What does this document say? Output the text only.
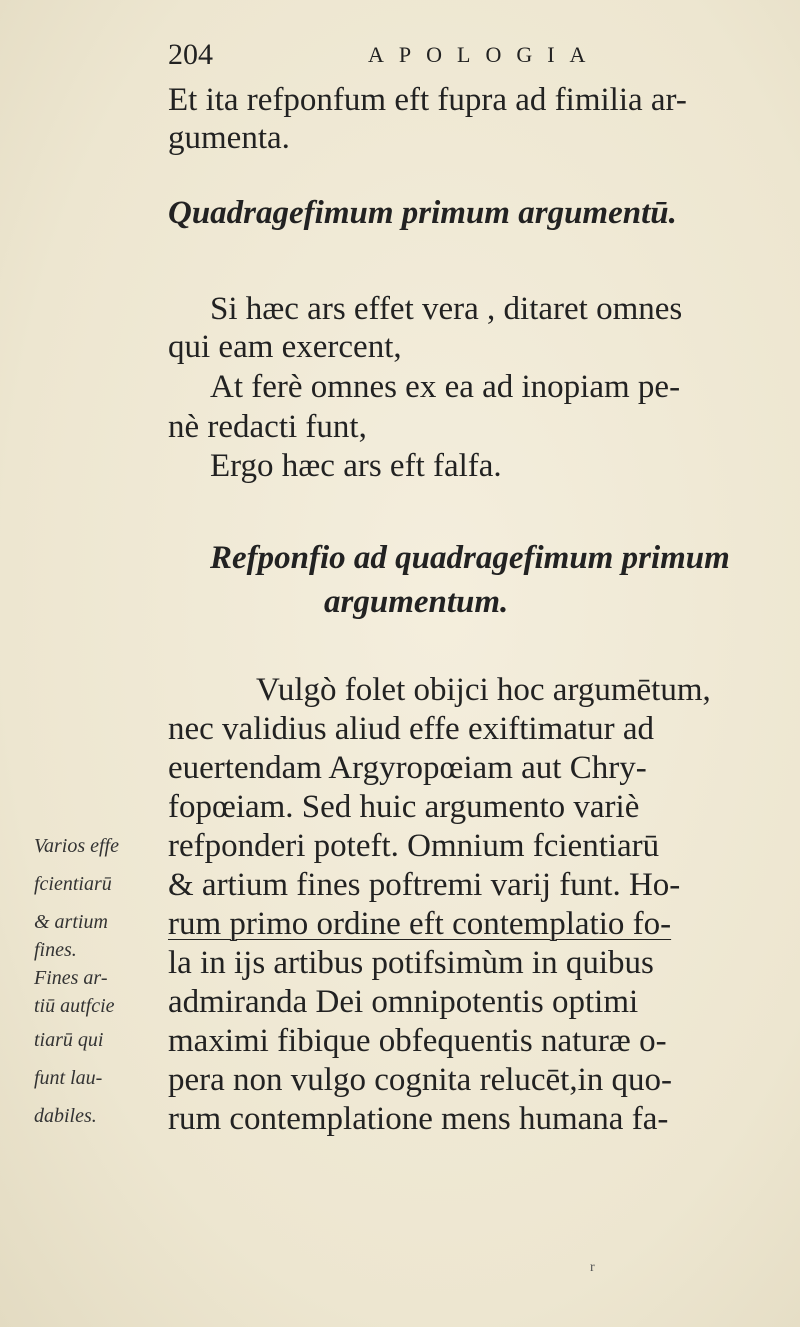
204	APOLOGIA
Et ita refponfum eft fupra ad fimilia ar-
gumenta.
Quadragefimum primum argumentū.
Si hæc ars effet vera , ditaret omnes
qui eam exercent,
At ferè omnes ex ea ad inopiam pe-
nè redacti funt,
Ergo hæc ars eft falfa.
Refponfio ad quadragefimum primum
argumentum.
Vulgò folet obijci hoc argumētum,
nec validius aliud effe exiftimatur ad
euertendam Argyropœiam aut Chry-
fopœiam. Sed huic argumento variè
refponderi poteft. Omnium fcientiarū
& artium fines poftremi varij funt. Ho-
rum primo ordine eft contemplatio fo-
la in ijs artibus potifsimùm in quibus
admiranda Dei omnipotentis optimi
maximi fibique obfequentis naturæ o-
pera non vulgo cognita relucēt,in quo-
rum contemplatione mens humana fa-
Varios effe
fcientiarū
& artium
fines.
Fines ar-
tiū autfcie
tiarū qui
funt lau-
dabiles.
r
